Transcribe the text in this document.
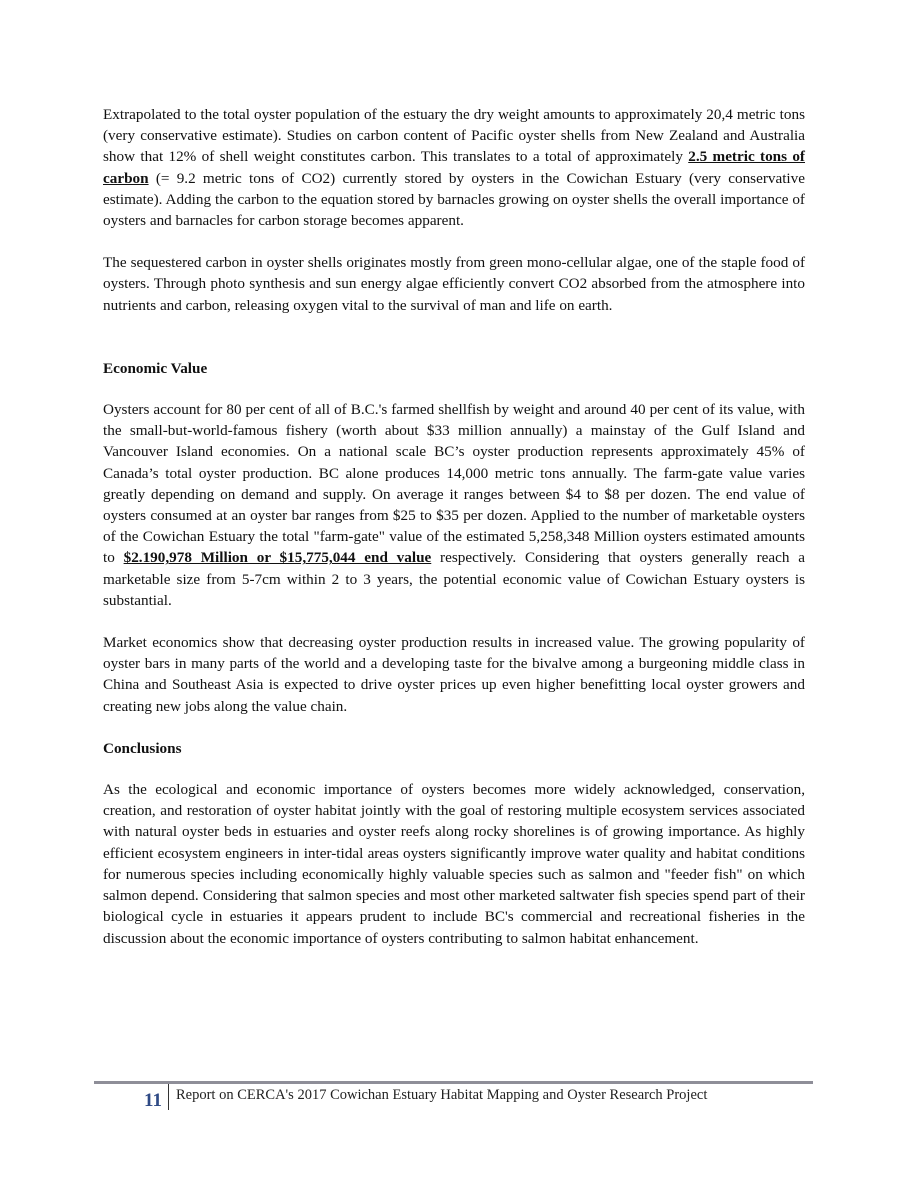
Extrapolated to the total oyster population of the estuary the dry weight amounts to approximately 20,4 metric tons (very conservative estimate). Studies on carbon content of Pacific oyster shells from New Zealand and Australia show that 12% of shell weight constitutes carbon. This translates to a total of approximately 2.5 metric tons of carbon (= 9.2 metric tons of CO2) currently stored by oysters in the Cowichan Estuary (very conservative estimate). Adding the carbon to the equation stored by barnacles growing on oyster shells the overall importance of oysters and barnacles for carbon storage becomes apparent.

The sequestered carbon in oyster shells originates mostly from green mono-cellular algae, one of the staple food of oysters. Through photo synthesis and sun energy algae efficiently convert CO2 absorbed from the atmosphere into nutrients and carbon, releasing oxygen vital to the survival of man and life on earth.

Economic Value

Oysters account for 80 per cent of all of B.C.'s farmed shellfish by weight and around 40 per cent of its value, with the small-but-world-famous fishery (worth about $33 million annually) a mainstay of the Gulf Island and Vancouver Island economies. On a national scale BC’s oyster production represents approximately 45% of Canada’s total oyster production. BC alone produces 14,000 metric tons annually. The farm-gate value varies greatly depending on demand and supply. On average it ranges between $4 to $8 per dozen. The end value of oysters consumed at an oyster bar ranges from $25 to $35 per dozen. Applied to the number of marketable oysters of the Cowichan Estuary the total "farm-gate" value of the estimated 5,258,348 Million oysters estimated amounts to $2.190,978 Million or $15,775,044 end value respectively. Considering that oysters generally reach a marketable size from 5-7cm within 2 to 3 years, the potential economic value of Cowichan Estuary oysters is substantial.

Market economics show that decreasing oyster production results in increased value. The growing popularity of oyster bars in many parts of the world and a developing taste for the bivalve among a burgeoning middle class in China and Southeast Asia is expected to drive oyster prices up even higher benefitting local oyster growers and creating new jobs along the value chain.

Conclusions

As the ecological and economic importance of oysters becomes more widely acknowledged, conservation, creation, and restoration of oyster habitat jointly with the goal of restoring multiple ecosystem services associated with natural oyster beds in estuaries and oyster reefs along rocky shorelines is of growing importance. As highly efficient ecosystem engineers in inter-tidal areas oysters significantly improve water quality and habitat conditions for numerous species including economically highly valuable species such as salmon and "feeder fish" on which salmon depend. Considering that salmon species and most other marketed saltwater fish species spend part of their biological cycle in estuaries it appears prudent to include BC's commercial and recreational fisheries in the discussion about the economic importance of oysters contributing to salmon habitat enhancement.

11 Report on CERCA's 2017 Cowichan Estuary Habitat Mapping and Oyster Research Project
